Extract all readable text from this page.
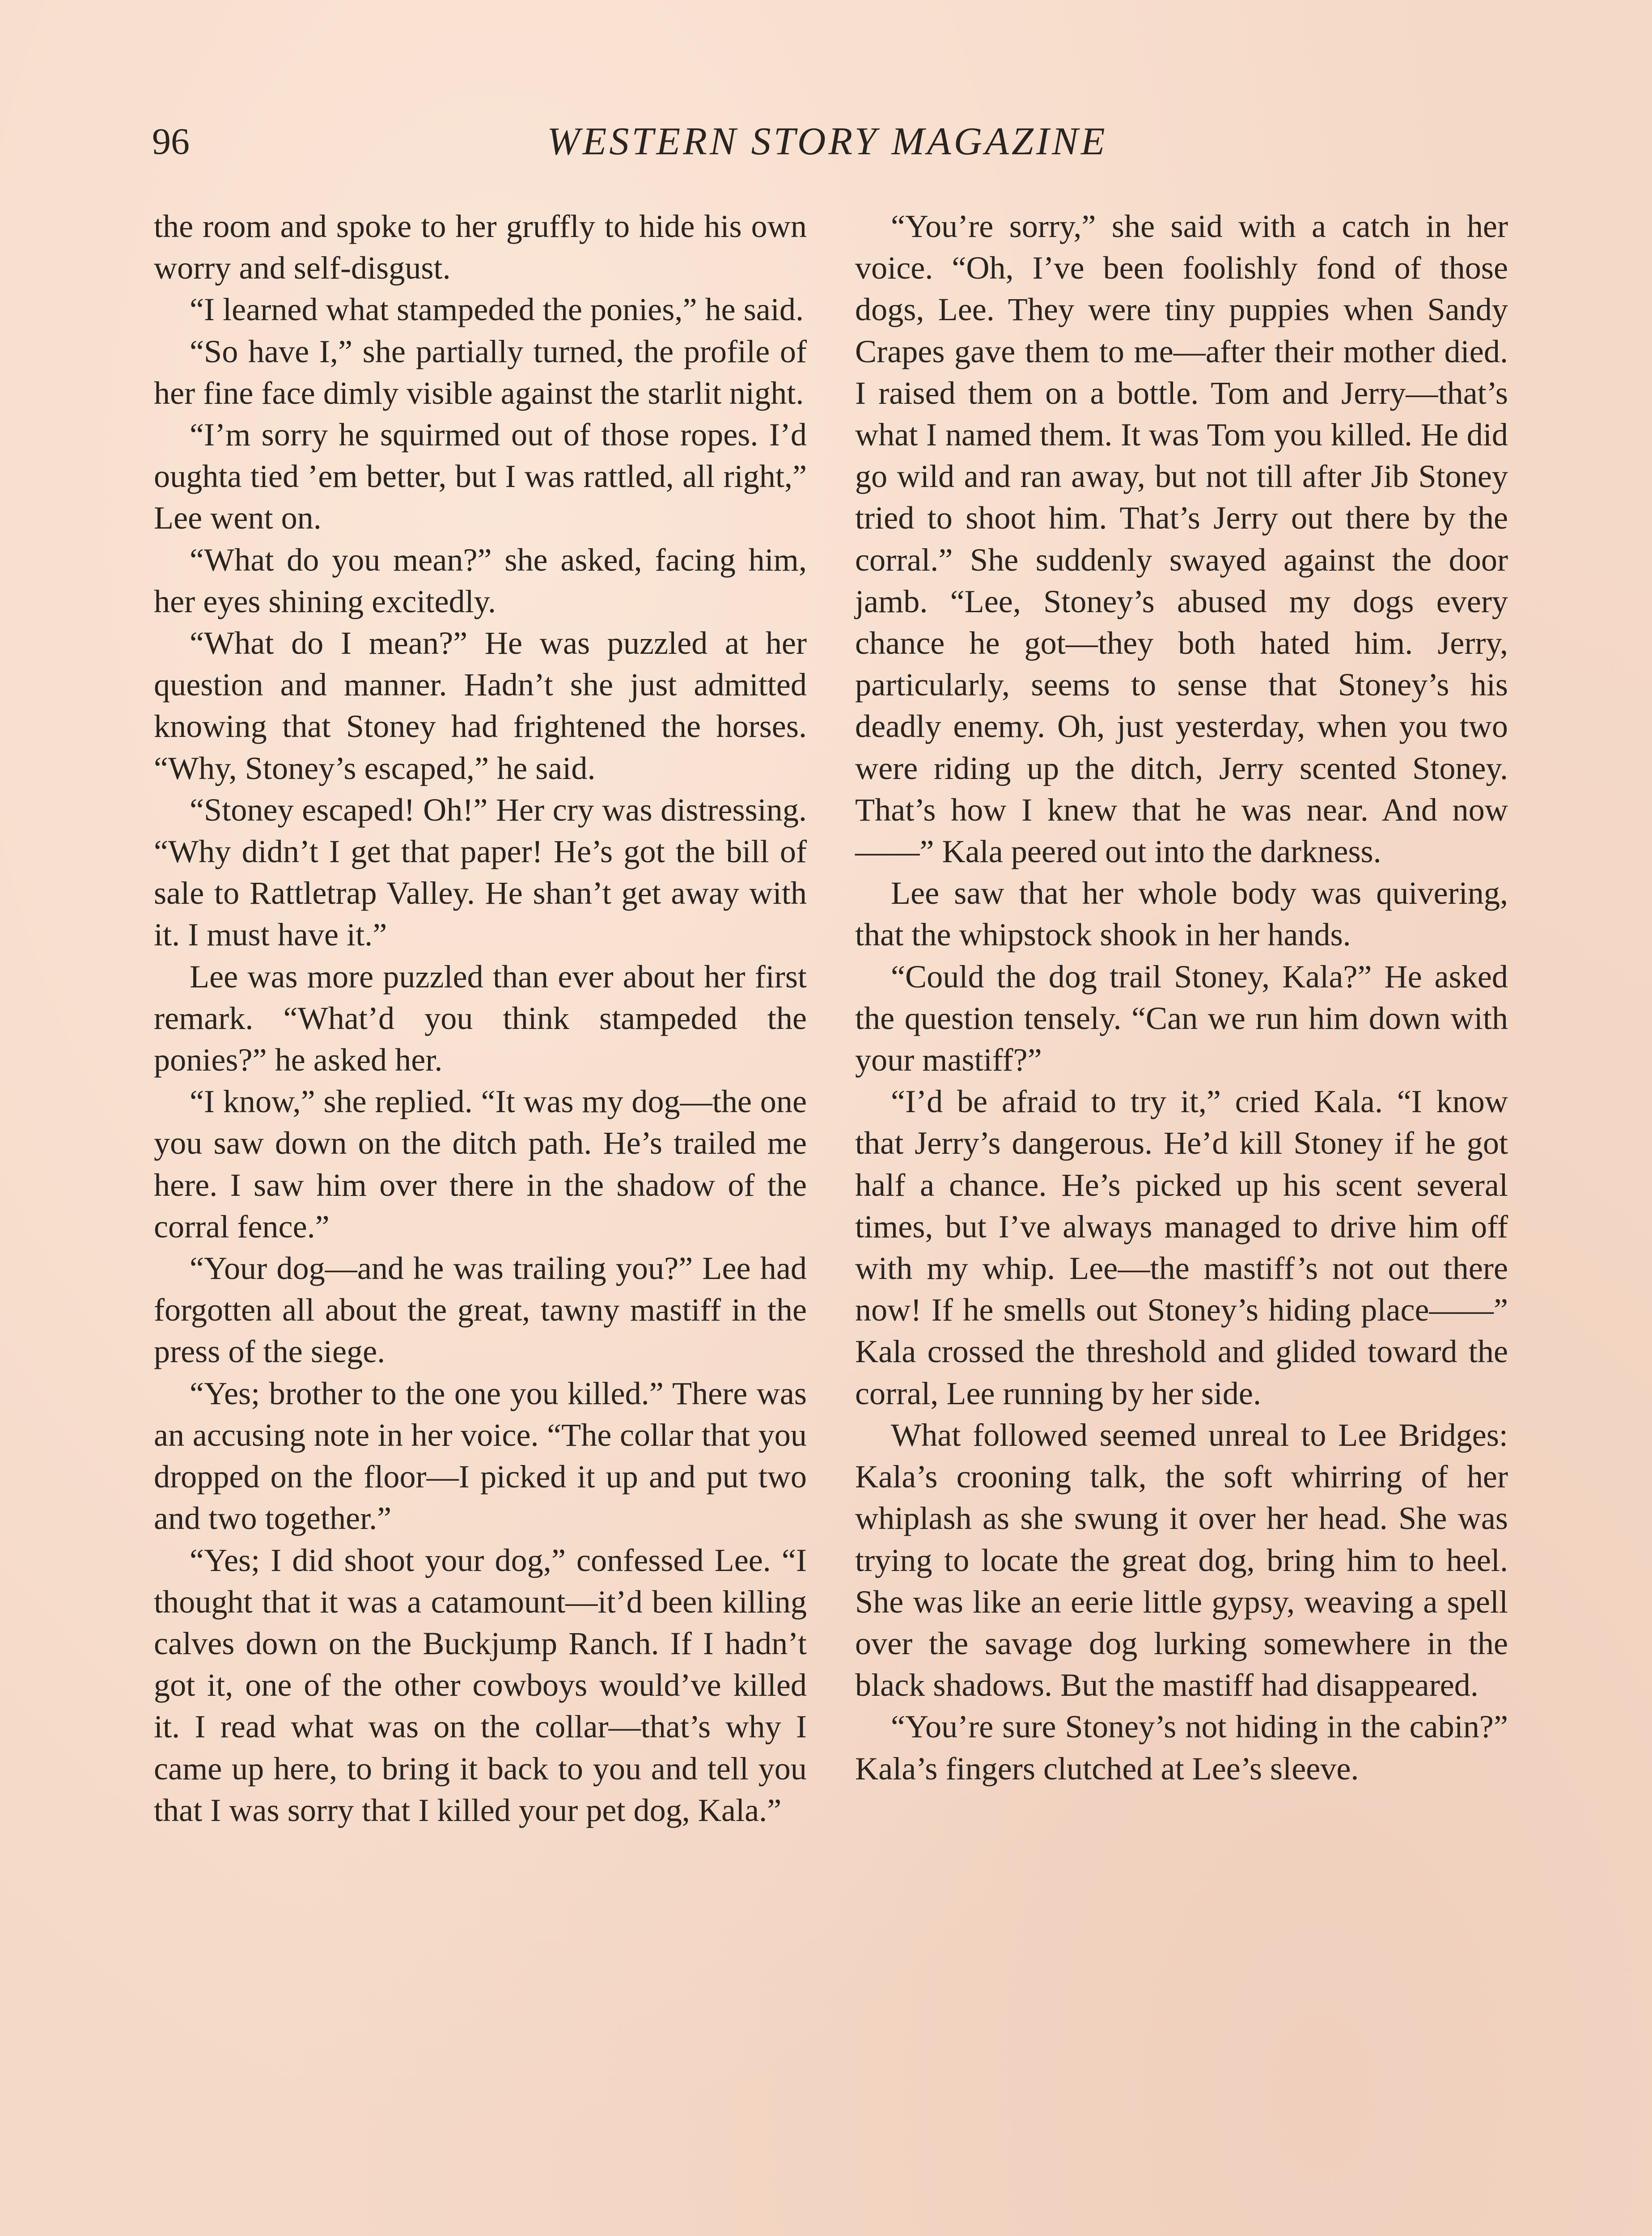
96	WESTERN STORY MAGAZINE

the room and spoke to her gruffly to hide his own worry and self-disgust.

“I learned what stampeded the ponies,” he said.

“So have I,” she partially turned, the profile of her fine face dimly visible against the starlit night.

“I’m sorry he squirmed out of those ropes. I’d oughta tied ’em better, but I was rattled, all right,” Lee went on.

“What do you mean?” she asked, facing him, her eyes shining excitedly.

“What do I mean?” He was puzzled at her question and manner. Hadn’t she just admitted knowing that Stoney had frightened the horses. “Why, Stoney’s escaped,” he said.

“Stoney escaped! Oh!” Her cry was distressing. “Why didn’t I get that paper! He’s got the bill of sale to Rattletrap Valley. He shan’t get away with it. I must have it.”

Lee was more puzzled than ever about her first remark. “What’d you think stampeded the ponies?” he asked her.

“I know,” she replied. “It was my dog—the one you saw down on the ditch path. He’s trailed me here. I saw him over there in the shadow of the corral fence.”

“Your dog—and he was trailing you?” Lee had forgotten all about the great, tawny mastiff in the press of the siege.

“Yes; brother to the one you killed.” There was an accusing note in her voice. “The collar that you dropped on the floor—I picked it up and put two and two together.”

“Yes; I did shoot your dog,” confessed Lee. “I thought that it was a catamount—it’d been killing calves down on the Buckjump Ranch. If I hadn’t got it, one of the other cowboys would’ve killed it. I read what was on the collar—that’s why I came up here, to bring it back to you and tell you that I was sorry that I killed your pet dog, Kala.”

“You’re sorry,” she said with a catch in her voice. “Oh, I’ve been foolishly fond of those dogs, Lee. They were tiny puppies when Sandy Crapes gave them to me—after their mother died. I raised them on a bottle. Tom and Jerry—that’s what I named them. It was Tom you killed. He did go wild and ran away, but not till after Jib Stoney tried to shoot him. That’s Jerry out there by the corral.” She suddenly swayed against the door jamb. “Lee, Stoney’s abused my dogs every chance he got—they both hated him. Jerry, particularly, seems to sense that Stoney’s his deadly enemy. Oh, just yesterday, when you two were riding up the ditch, Jerry scented Stoney. That’s how I knew that he was near. And now——” Kala peered out into the darkness.

Lee saw that her whole body was quivering, that the whipstock shook in her hands.

“Could the dog trail Stoney, Kala?” He asked the question tensely. “Can we run him down with your mastiff?”

“I’d be afraid to try it,” cried Kala. “I know that Jerry’s dangerous. He’d kill Stoney if he got half a chance. He’s picked up his scent several times, but I’ve always managed to drive him off with my whip. Lee—the mastiff’s not out there now! If he smells out Stoney’s hiding place——” Kala crossed the threshold and glided toward the corral, Lee running by her side.

What followed seemed unreal to Lee Bridges: Kala’s crooning talk, the soft whirring of her whiplash as she swung it over her head. She was trying to locate the great dog, bring him to heel. She was like an eerie little gypsy, weaving a spell over the savage dog lurking somewhere in the black shadows. But the mastiff had disappeared.

“You’re sure Stoney’s not hiding in the cabin?” Kala’s fingers clutched at Lee’s sleeve.
